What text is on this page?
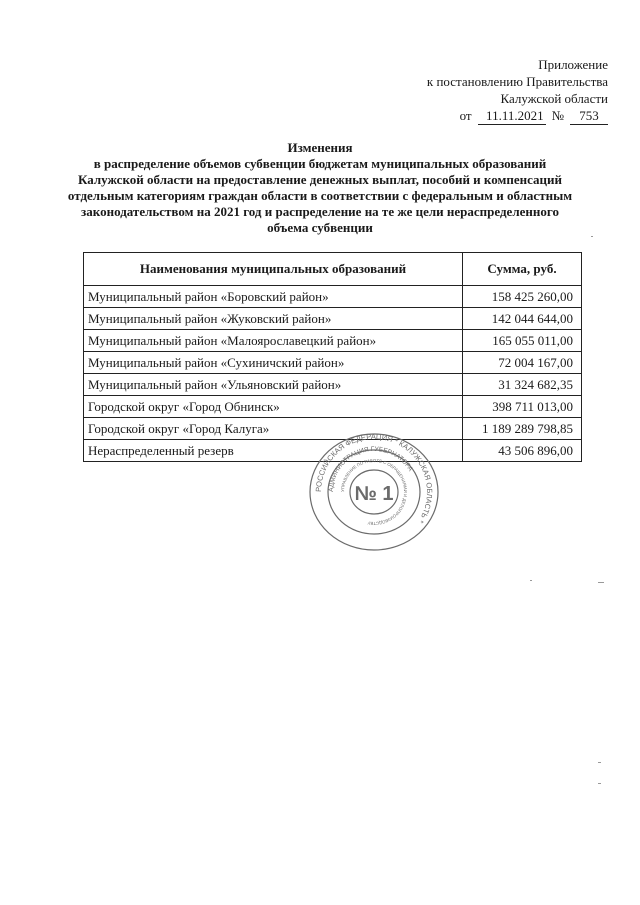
Приложение
к постановлению Правительства
Калужской области
от	11.11.2021 №	753
Изменения
в распределение объемов субвенции бюджетам муниципальных образований Калужской области на предоставление денежных выплат, пособий и компенсаций отдельным категориям граждан области в соответствии с федеральным и областным законодательством на 2021 год и распределение на те же цели нераспределенного объема субвенции
Наименования муниципальных образований	Сумма, руб.
Муниципальный район «Боровский район»	158 425 260,00
Муниципальный район «Жуковский район»	142 044 644,00
Муниципальный район «Малоярославецкий район»	165 055 011,00
Муниципальный район «Сухиничский район»	72 004 167,00
Муниципальный район «Ульяновский район»	31 324 682,35
Городской округ «Город Обнинск»	398 711 013,00
Городской округ «Город Калуга»	1 189 289 798,85
Нераспределенный резерв	43 506 896,00
РОССИЙСКАЯ ФЕДЕРАЦИЯ * КАЛУЖСКАЯ ОБЛАСТЬ *
АДМИНИСТРАЦИЯ ГУБЕРНАТОРА
УПРАВЛЕНИЕ ПО РАБОТЕ С ОБРАЩЕНИЯМИ И ДЕЛОПРОИЗВОДСТВУ
№ 1
